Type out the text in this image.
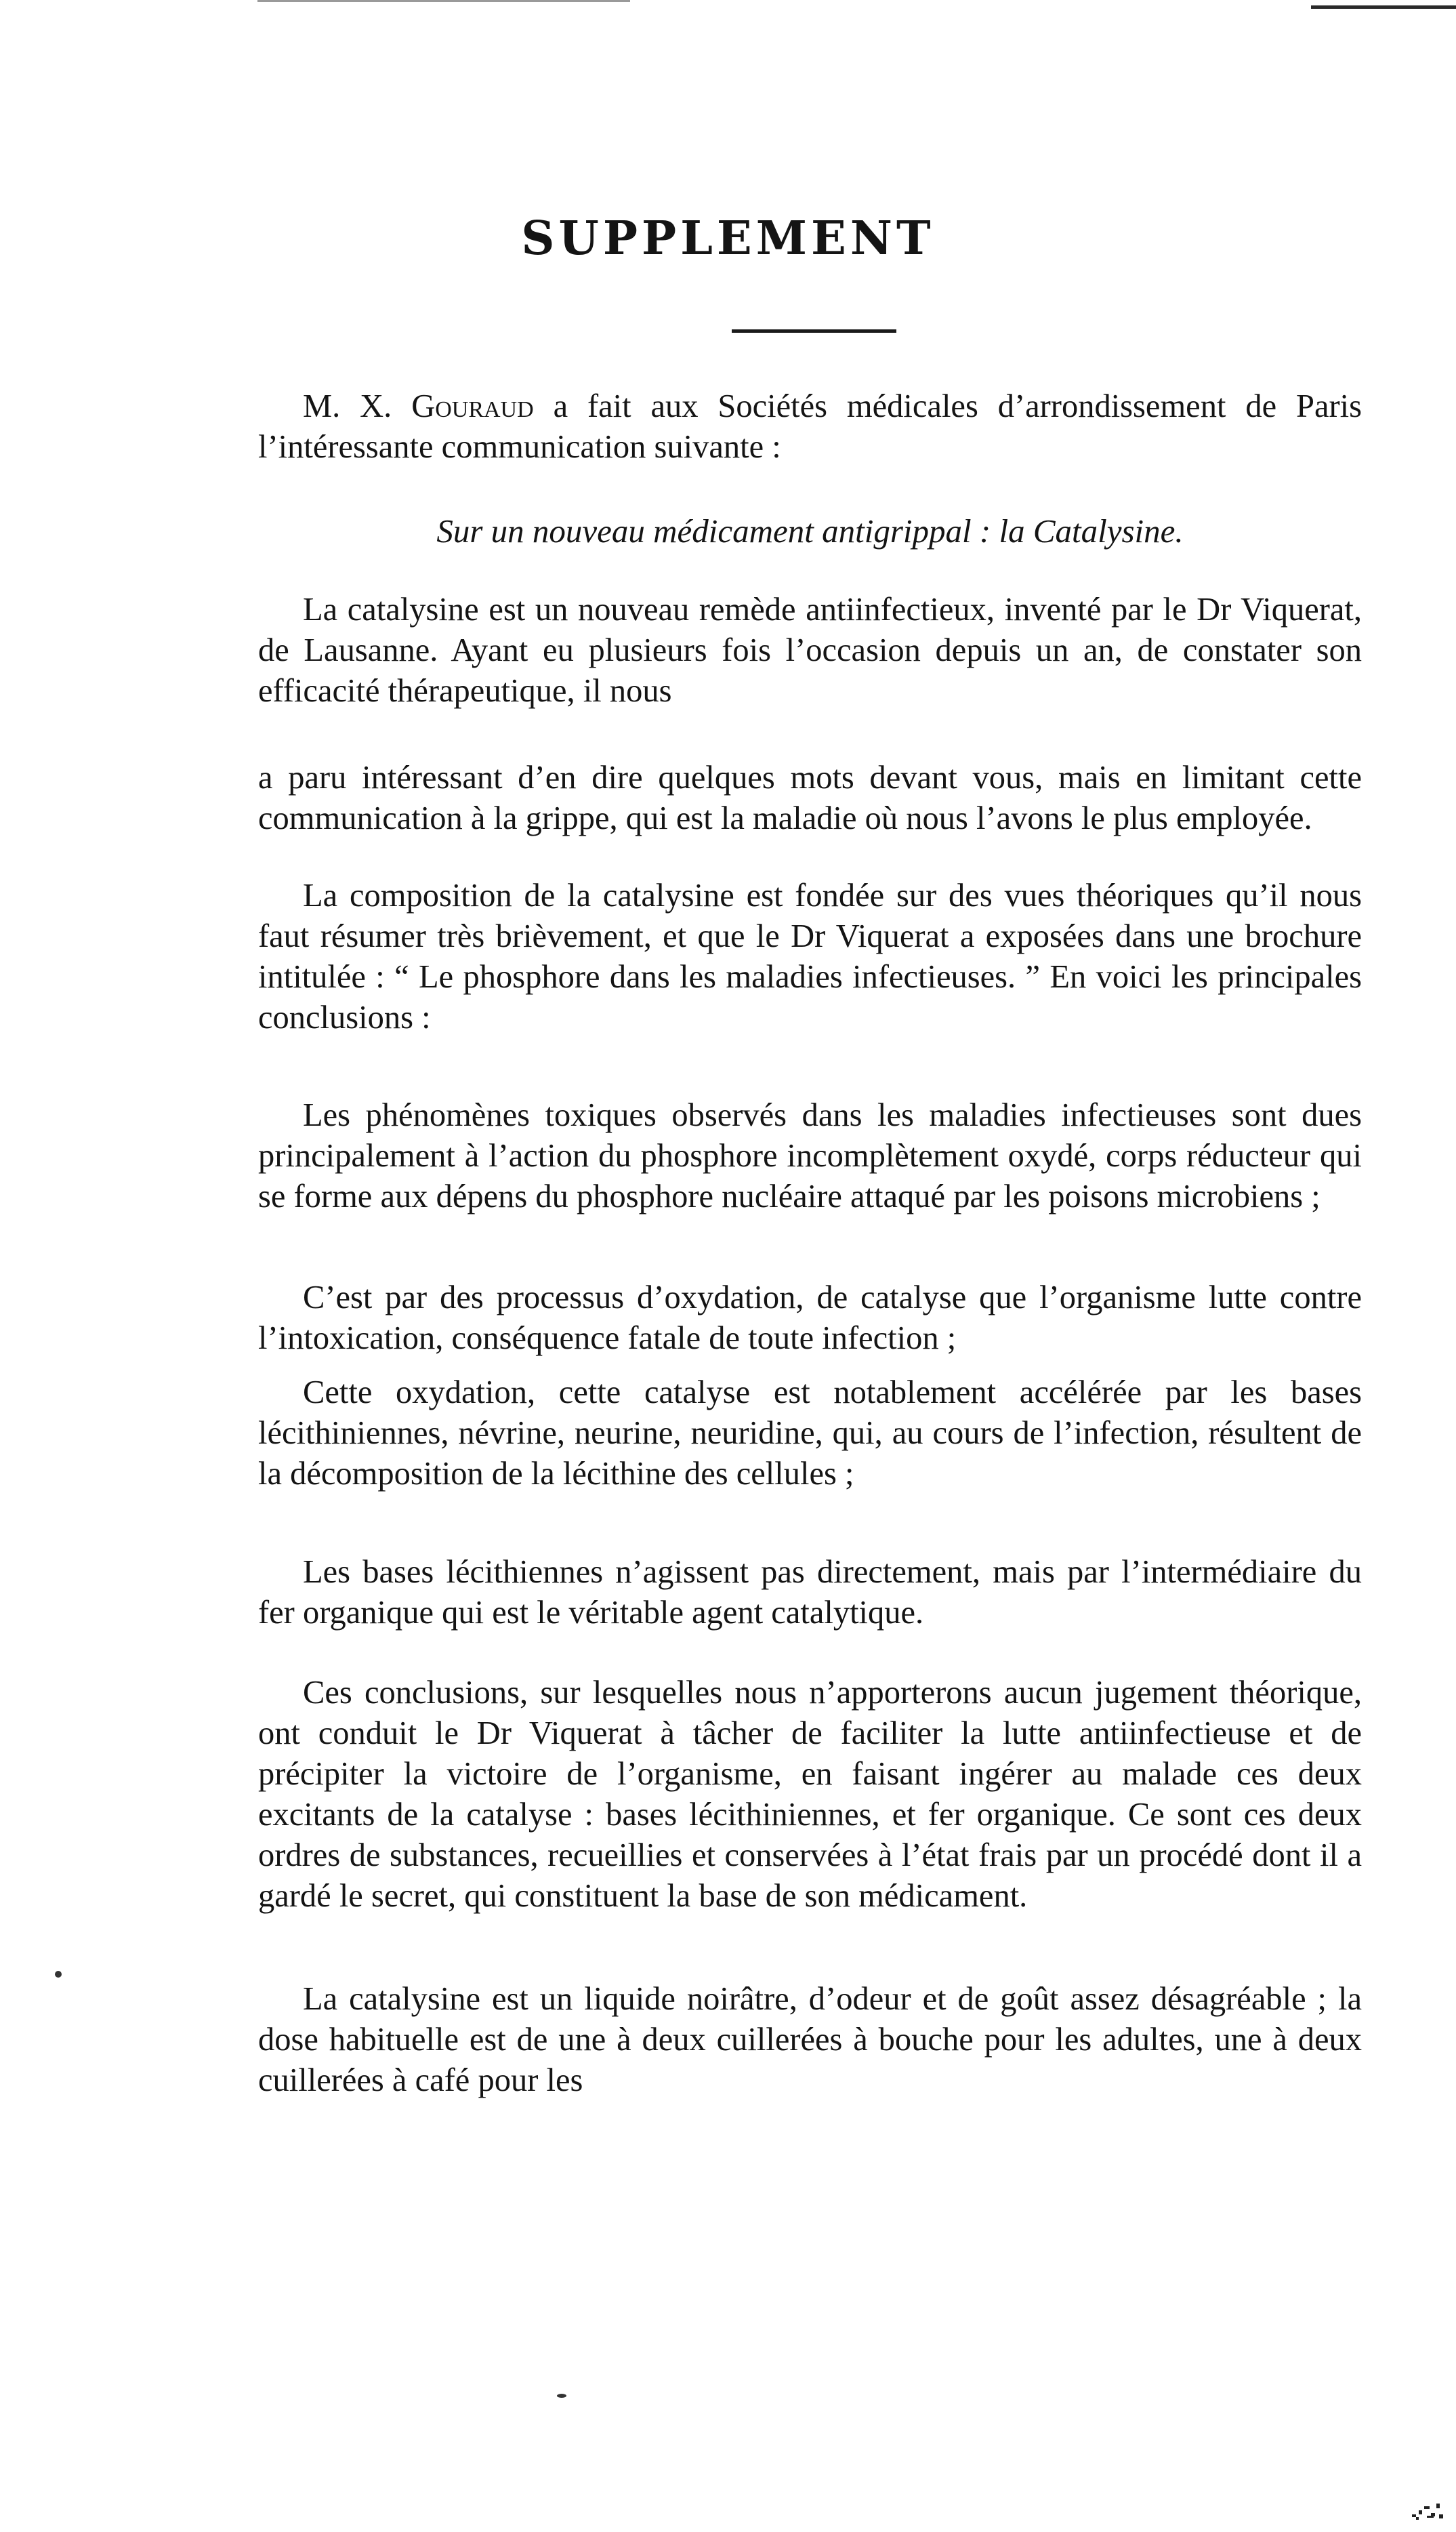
SUPPLEMENT

M. X. Gouraud a fait aux Sociétés médicales d’arrondissement de Paris l’intéressante communication suivante :

Sur un nouveau médicament antigrippal : la Catalysine.

La catalysine est un nouveau remède antiinfectieux, inventé par le Dr Viquerat, de Lausanne. Ayant eu plusieurs fois l’occasion depuis un an, de constater son efficacité thérapeutique, il nous

a paru intéressant d’en dire quelques mots devant vous, mais en limitant cette communication à la grippe, qui est la maladie où nous l’avons le plus employée.

La composition de la catalysine est fondée sur des vues théoriques qu’il nous faut résumer très brièvement, et que le Dr Viquerat a exposées dans une brochure intitulée : “ Le phosphore dans les maladies infectieuses. ” En voici les principales conclusions :

Les phénomènes toxiques observés dans les maladies infectieuses sont dues principalement à l’action du phosphore incomplètement oxydé, corps réducteur qui se forme aux dépens du phosphore nucléaire attaqué par les poisons microbiens ;

C’est par des processus d’oxydation, de catalyse que l’organisme lutte contre l’intoxication, conséquence fatale de toute infection ;

Cette oxydation, cette catalyse est notablement accélérée par les bases lécithiniennes, névrine, neurine, neuridine, qui, au cours de l’infection, résultent de la décomposition de la lécithine des cellules ;

Les bases lécithiennes n’agissent pas directement, mais par l’intermédiaire du fer organique qui est le véritable agent catalytique.

Ces conclusions, sur lesquelles nous n’apporterons aucun jugement théorique, ont conduit le Dr Viquerat à tâcher de faciliter la lutte antiinfectieuse et de précipiter la victoire de l’organisme, en faisant ingérer au malade ces deux excitants de la catalyse : bases lécithiniennes, et fer organique. Ce sont ces deux ordres de substances, recueillies et conservées à l’état frais par un procédé dont il a gardé le secret, qui constituent la base de son médicament.

La catalysine est un liquide noirâtre, d’odeur et de goût assez désagréable ; la dose habituelle est de une à deux cuillerées à bouche pour les adultes, une à deux cuillerées à café pour les
